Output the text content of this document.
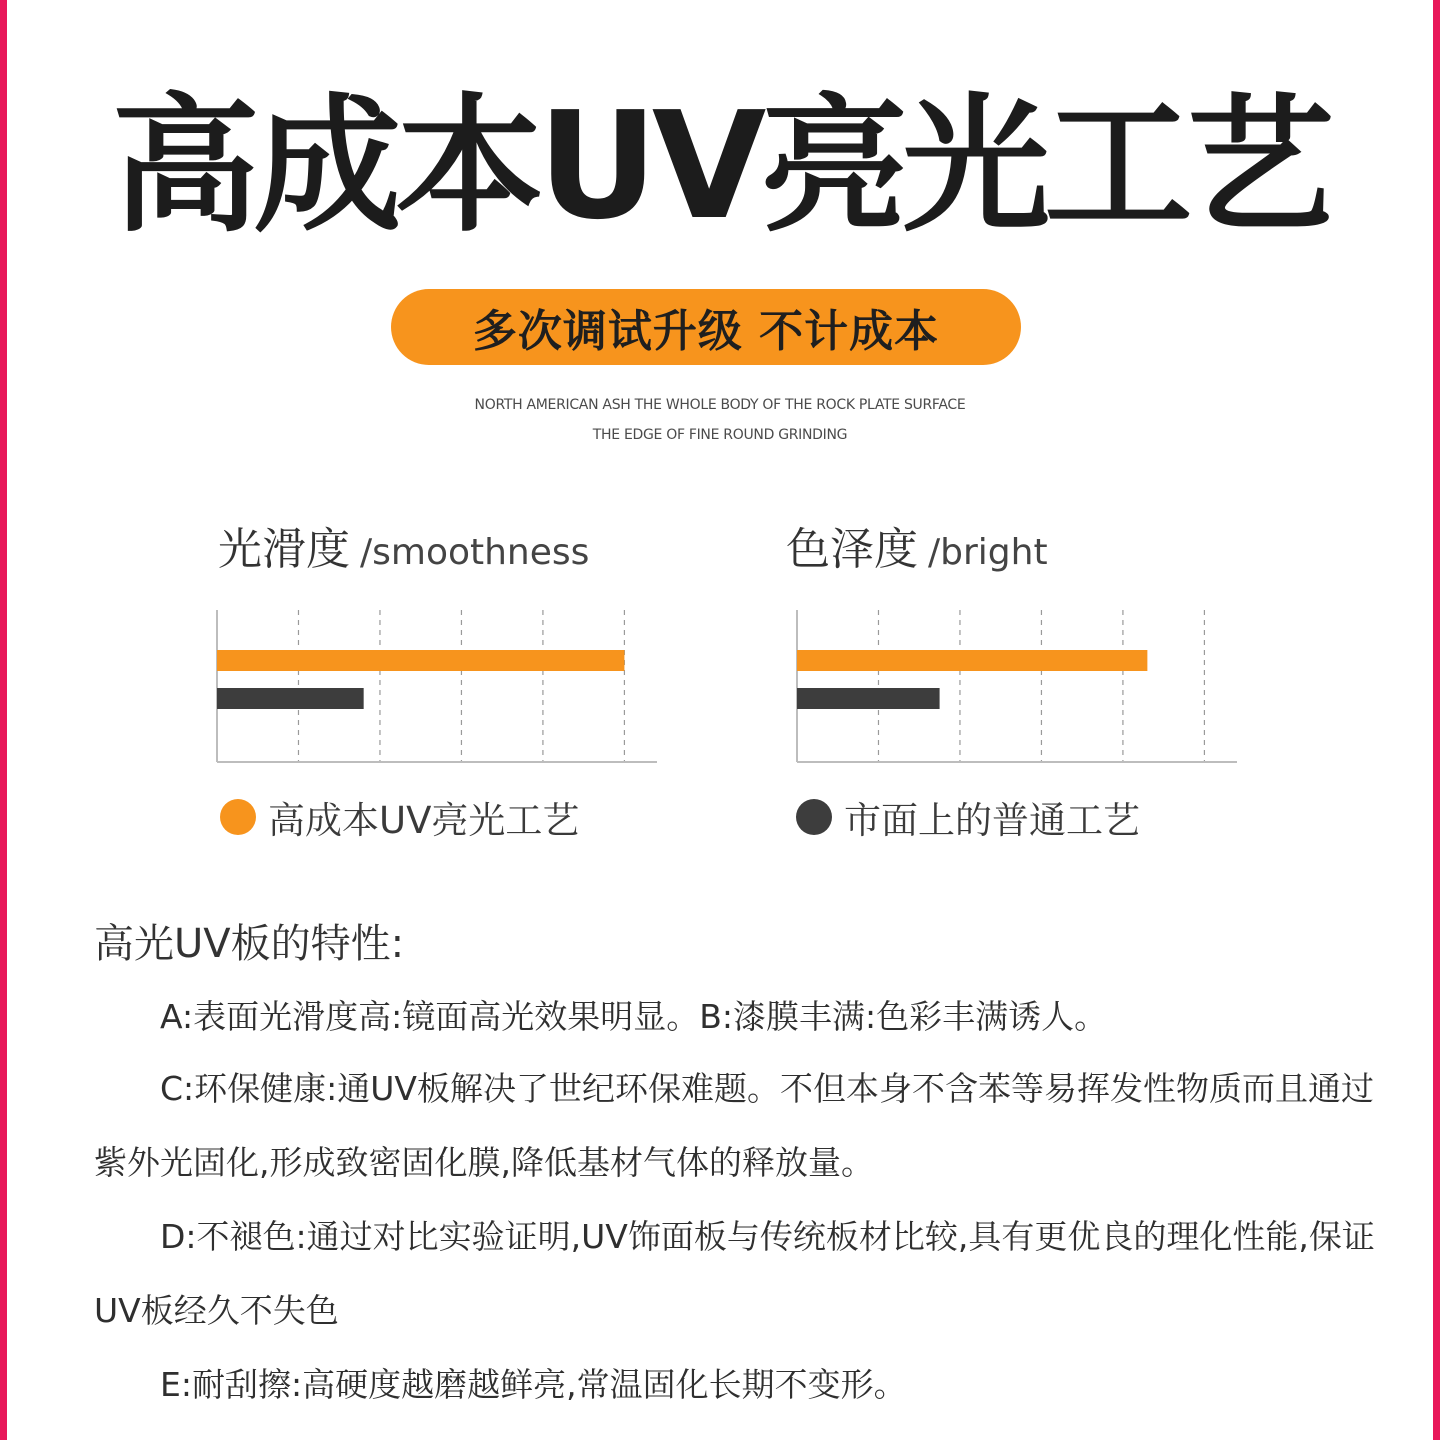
高成本UV亮光工艺
多次调试升级 不计成本
NORTH AMERICAN ASH THE WHOLE BODY OF THE ROCK PLATE SURFACE
THE EDGE OF FINE ROUND GRINDING
光滑度 /smoothness	色泽度 /bright
高成本UV亮光工艺	市面上的普通工艺
高光UV板的特性:
A:表面光滑度高:镜面高光效果明显。B:漆膜丰满:色彩丰满诱人。
C:环保健康:通UV板解决了世纪环保难题。不但本身不含苯等易挥发性物质而且通过紫外光固化,形成致密固化膜,降低基材气体的释放量。
D:不褪色:通过对比实验证明,UV饰面板与传统板材比较,具有更优良的理化性能,保证UV板经久不失色
E:耐刮擦:高硬度越磨越鲜亮,常温固化长期不变形。
